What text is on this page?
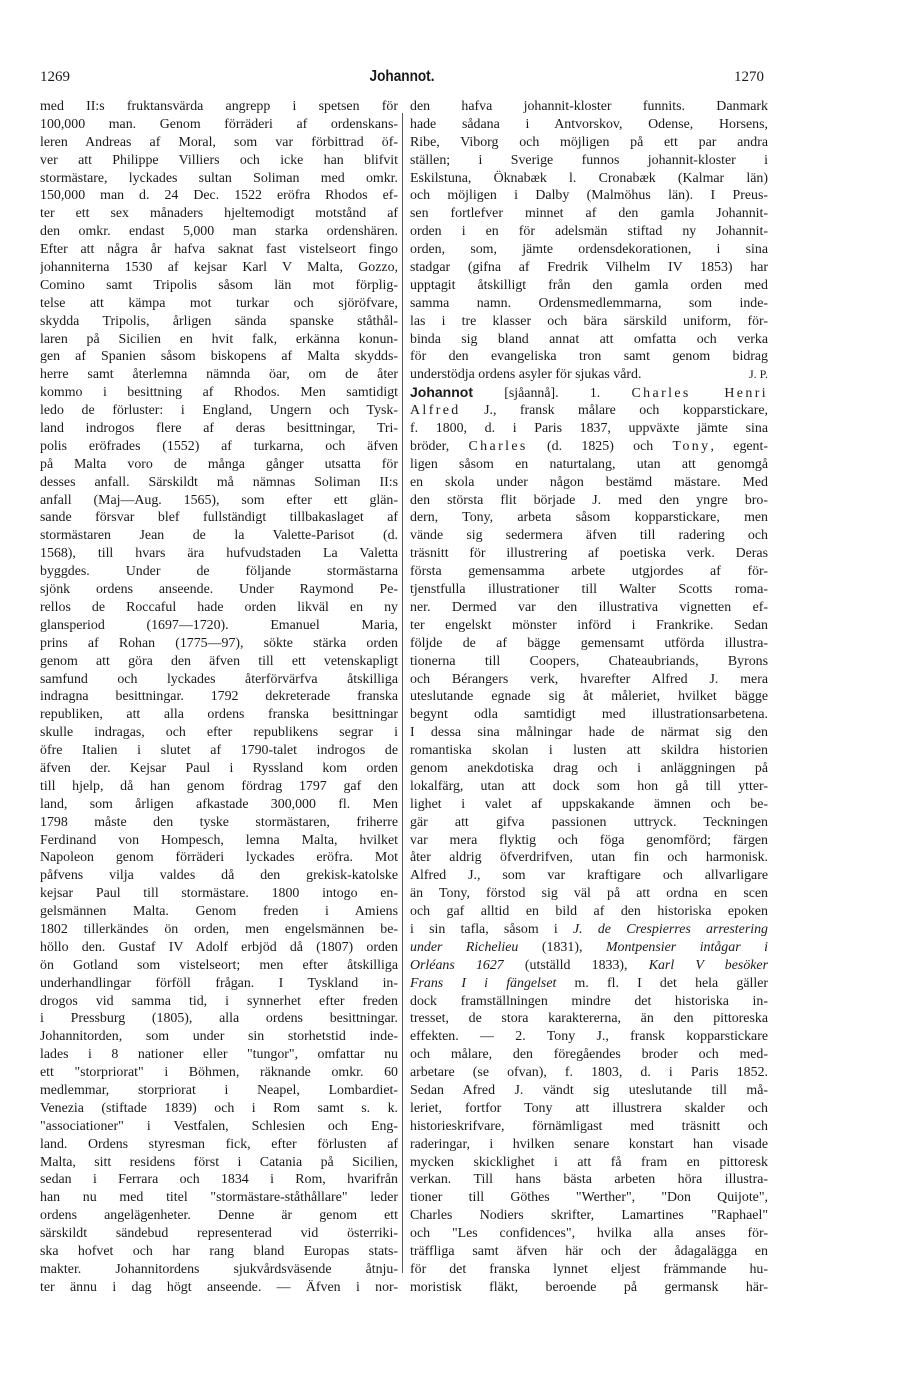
1269	Johannot.	1270
med II:s fruktansvärda angrepp i spetsen för
100,000 man. Genom förräderi af ordenskans-
leren Andreas af Moral, som var förbittrad öf-
ver att Philippe Villiers och icke han blifvit
stormästare, lyckades sultan Soliman med omkr.
150,000 man d. 24 Dec. 1522 eröfra Rhodos ef-
ter ett sex månaders hjeltemodigt motstånd af
den omkr. endast 5,000 man starka ordenshären.
Efter att några år hafva saknat fast vistelseort fingo
johanniterna 1530 af kejsar Karl V Malta, Gozzo,
Comino samt Tripolis såsom län mot förplig-
telse att kämpa mot turkar och sjöröfvare,
skydda Tripolis, årligen sända spanske ståthål-
laren på Sicilien en hvit falk, erkänna konun-
gen af Spanien såsom biskopens af Malta skydds-
herre samt återlemna nämnda öar, om de åter
kommo i besittning af Rhodos. Men samtidigt
ledo de förluster: i England, Ungern och Tysk-
land indrogos flere af deras besittningar, Tri-
polis eröfrades (1552) af turkarna, och äfven
på Malta voro de många gånger utsatta för
desses anfall. Särskildt må nämnas Soliman II:s
anfall (Maj—Aug. 1565), som efter ett glän-
sande försvar blef fullständigt tillbakaslaget af
stormästaren Jean de la Valette-Parisot (d.
1568), till hvars ära hufvudstaden La Valetta
byggdes. Under de följande stormästarna
sjönk ordens anseende. Under Raymond Pe-
rellos de Roccaful hade orden likväl en ny
glansperiod (1697—1720). Emanuel Maria,
prins af Rohan (1775—97), sökte stärka orden
genom att göra den äfven till ett vetenskapligt
samfund och lyckades återförvärfva åtskilliga
indragna besittningar. 1792 dekreterade franska
republiken, att alla ordens franska besittningar
skulle indragas, och efter republikens segrar i
öfre Italien i slutet af 1790-talet indrogos de
äfven der. Kejsar Paul i Ryssland kom orden
till hjelp, då han genom fördrag 1797 gaf den
land, som årligen afkastade 300,000 fl. Men
1798 måste den tyske stormästaren, friherre
Ferdinand von Hompesch, lemna Malta, hvilket
Napoleon genom förräderi lyckades eröfra. Mot
påfvens vilja valdes då den grekisk-katolske
kejsar Paul till stormästare. 1800 intogo en-
gelsmännen Malta. Genom freden i Amiens
1802 tillerkändes ön orden, men engelsmännen be-
höllo den. Gustaf IV Adolf erbjöd då (1807) orden
ön Gotland som vistelseort; men efter åtskilliga
underhandlingar förföll frågan. I Tyskland in-
drogos vid samma tid, i synnerhet efter freden
i Pressburg (1805), alla ordens besittningar.
Johannitorden, som under sin storhetstid inde-
lades i 8 nationer eller "tungor", omfattar nu
ett "storpriorat" i Böhmen, räknande omkr. 60
medlemmar, storpriorat i Neapel, Lombardiet-
Venezia (stiftade 1839) och i Rom samt s. k.
"associationer" i Vestfalen, Schlesien och Eng-
land. Ordens styresman fick, efter förlusten af
Malta, sitt residens först i Catania på Sicilien,
sedan i Ferrara och 1834 i Rom, hvarifrån
han nu med titel "stormästare-ståthållare" leder
ordens angelägenheter. Denne är genom ett
särskildt sändebud representerad vid österriki-
ska hofvet och har rang bland Europas stats-
makter. Johannitordens sjukvårdsväsende åtnju-
ter ännu i dag högt anseende. — Äfven i nor-
den hafva johannit-kloster funnits. Danmark
hade sådana i Antvorskov, Odense, Horsens,
Ribe, Viborg och möjligen på ett par andra
ställen; i Sverige funnos johannit-kloster i
Eskilstuna, Öknabæk l. Cronabæk (Kalmar län)
och möjligen i Dalby (Malmöhus län). I Preus-
sen fortlefver minnet af den gamla Johannit-
orden i en för adelsmän stiftad ny Johannit-
orden, som, jämte ordensdekorationen, i sina
stadgar (gifna af Fredrik Vilhelm IV 1853) har
upptagit åtskilligt från den gamla orden med
samma namn. Ordensmedlemmarna, som inde-
las i tre klasser och bära särskild uniform, för-
binda sig bland annat att omfatta och verka
för den evangeliska tron samt genom bidrag
understödja ordens asyler för sjukas vård.	J. P.
Johannot [sjåannå]. 1. Charles Henri
Alfred J., fransk målare och kopparstickare,
f. 1800, d. i Paris 1837, uppväxte jämte sina
bröder, Charles (d. 1825) och Tony, egent-
ligen såsom en naturtalang, utan att genomgå
en skola under någon bestämd mästare. Med
den största flit började J. med den yngre bro-
dern, Tony, arbeta såsom kopparstickare, men
vände sig sedermera äfven till radering och
träsnitt för illustrering af poetiska verk. Deras
första gemensamma arbete utgjordes af för-
tjenstfulla illustrationer till Walter Scotts roma-
ner. Dermed var den illustrativa vignetten ef-
ter engelskt mönster införd i Frankrike. Sedan
följde de af bägge gemensamt utförda illustra-
tionerna till Coopers, Chateaubriands, Byrons
och Bérangers verk, hvarefter Alfred J. mera
uteslutande egnade sig åt måleriet, hvilket bägge
begynt odla samtidigt med illustrationsarbetena.
I dessa sina målningar hade de närmat sig den
romantiska skolan i lusten att skildra historien
genom anekdotiska drag och i anläggningen på
lokalfärg, utan att dock som hon gå till ytter-
lighet i valet af uppskakande ämnen och be-
gär att gifva passionen uttryck. Teckningen
var mera flyktig och föga genomförd; färgen
åter aldrig öfverdrifven, utan fin och harmonisk.
Alfred J., som var kraftigare och allvarligare
än Tony, förstod sig väl på att ordna en scen
och gaf alltid en bild af den historiska epoken
i sin tafla, såsom i J. de Crespierres arrestering
under Richelieu (1831), Montpensier intågar i
Orléans 1627 (utställd 1833), Karl V besöker
Frans I i fängelset m. fl. I det hela gäller
dock framställningen mindre det historiska in-
tresset, de stora karaktererna, än den pittoreska
effekten. — 2. Tony J., fransk kopparstickare
och målare, den föregåendes broder och med-
arbetare (se ofvan), f. 1803, d. i Paris 1852.
Sedan Afred J. vändt sig uteslutande till må-
leriet, fortfor Tony att illustrera skalder och
historieskrifvare, förnämligast med träsnitt och
raderingar, i hvilken senare konstart han visade
mycken skicklighet i att få fram en pittoresk
verkan. Till hans bästa arbeten höra illustra-
tioner till Göthes "Werther", "Don Quijote",
Charles Nodiers skrifter, Lamartines "Raphael"
och "Les confidences", hvilka alla anses för-
träffliga samt äfven här och der ådagalägga en
för det franska lynnet eljest främmande hu-
moristisk fläkt, beroende på germansk här-
